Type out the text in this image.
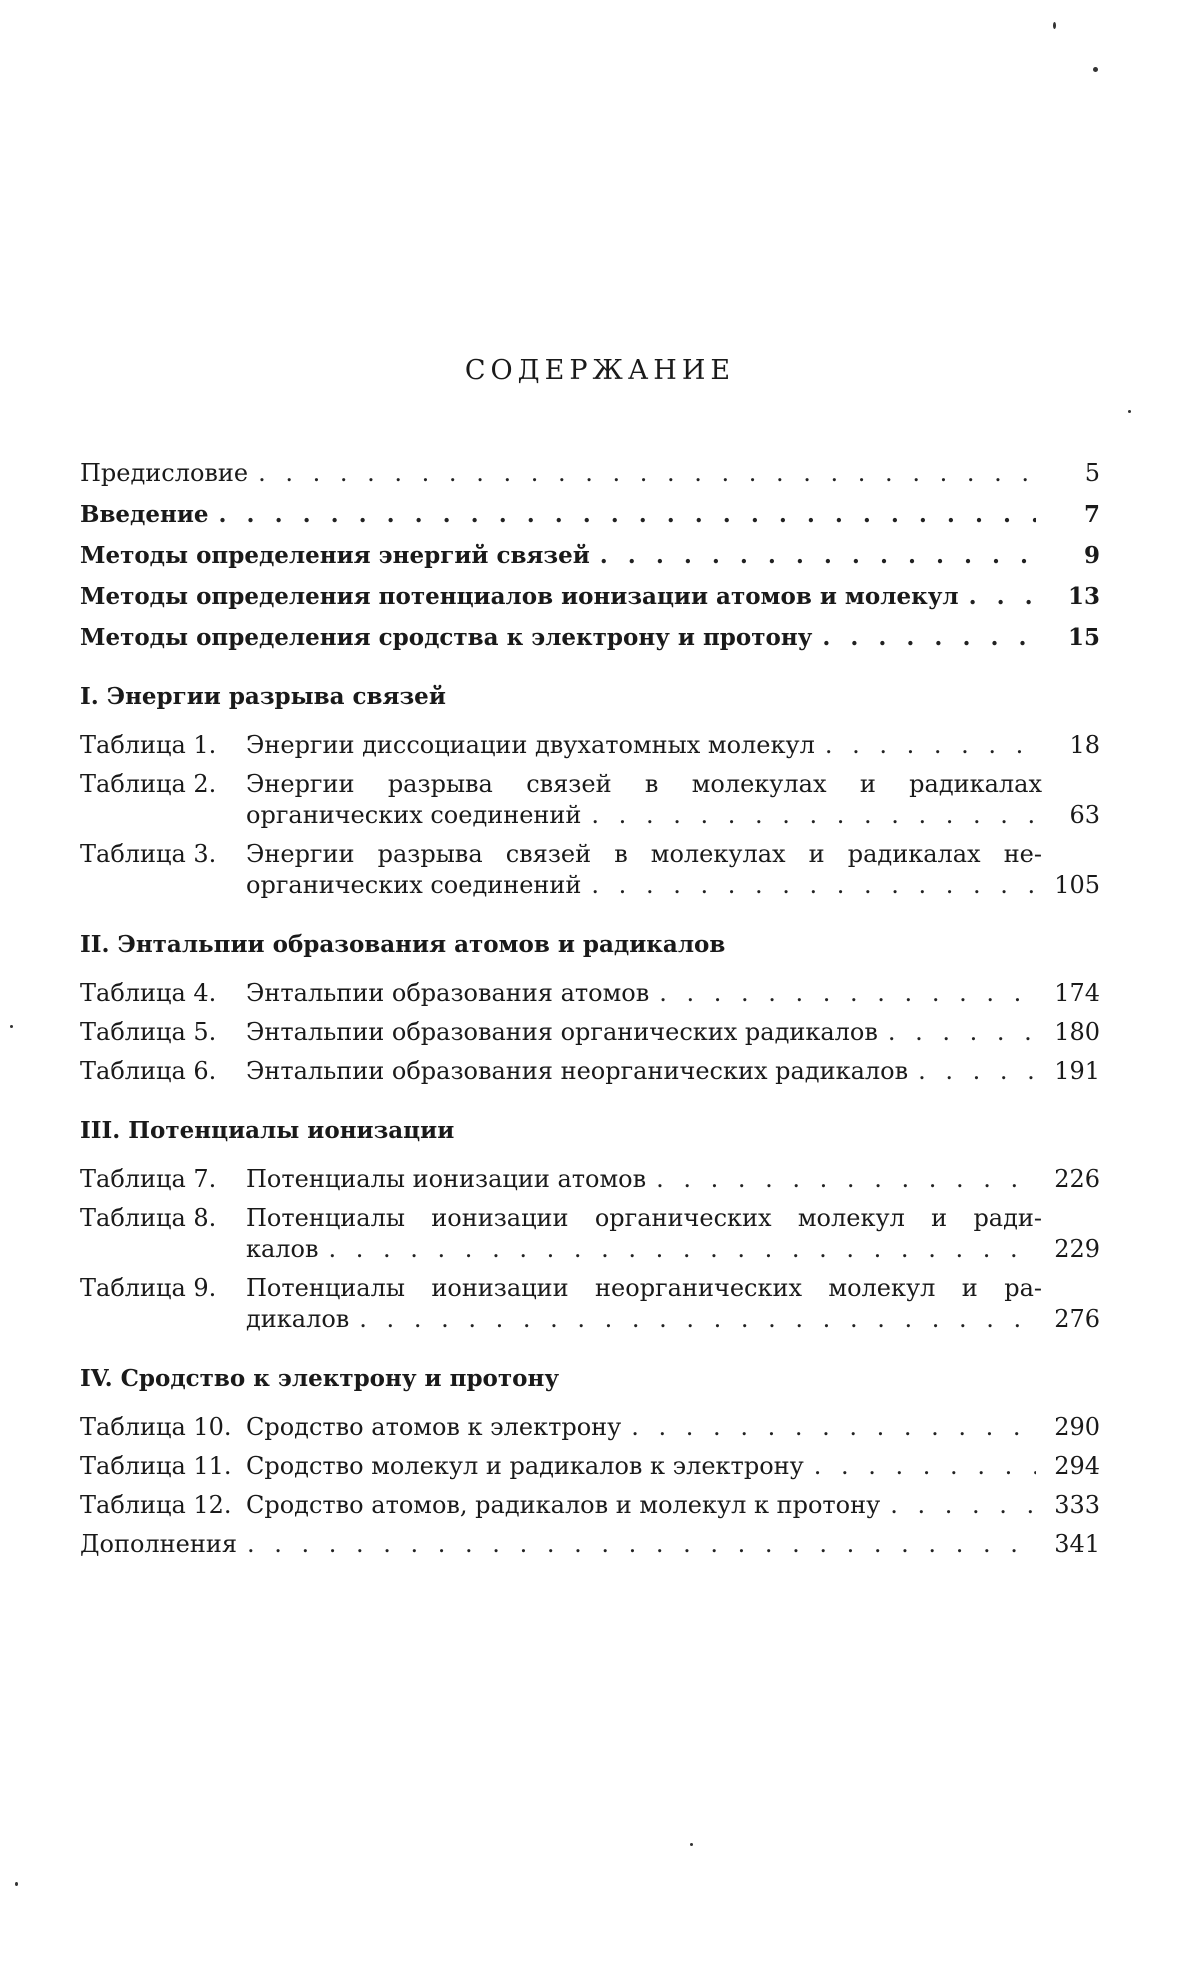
СОДЕРЖАНИЕ
Предисловие . . .	5
Введение . . .	7
Методы определения энергий связей . . .	9
Методы определения потенциалов ионизации атомов и молекул . . .	13
Методы определения сродства к электрону и протону . . .	15
I. Энергии разрыва связей
Таблица 1.	Энергии диссоциации двухатомных молекул . . .	18
Таблица 2.	Энергии разрыва связей в молекулах и радикалах
органических соединений . . .	63
Таблица 3.	Энергии разрыва связей в молекулах и радикалах не-
органических соединений . . .	105
II. Энтальпии образования атомов и радикалов
Таблица 4.	Энтальпии образования атомов . . .	174
Таблица 5.	Энтальпии образования органических радикалов . . .	180
Таблица 6.	Энтальпии образования неорганических радикалов . . .	191
III. Потенциалы ионизации
Таблица 7.	Потенциалы ионизации атомов . . .	226
Таблица 8.	Потенциалы ионизации органических молекул и ради-
калов . . .	229
Таблица 9.	Потенциалы ионизации неорганических молекул и ра-
дикалов . . .	276
IV. Сродство к электрону и протону
Таблица 10. Сродство атомов к электрону . . .	290
Таблица 11. Сродство молекул и радикалов к электрону . . .	294
Таблица 12. Сродство атомов, радикалов и молекул к протону . . .	333
Дополнения . . .	341
